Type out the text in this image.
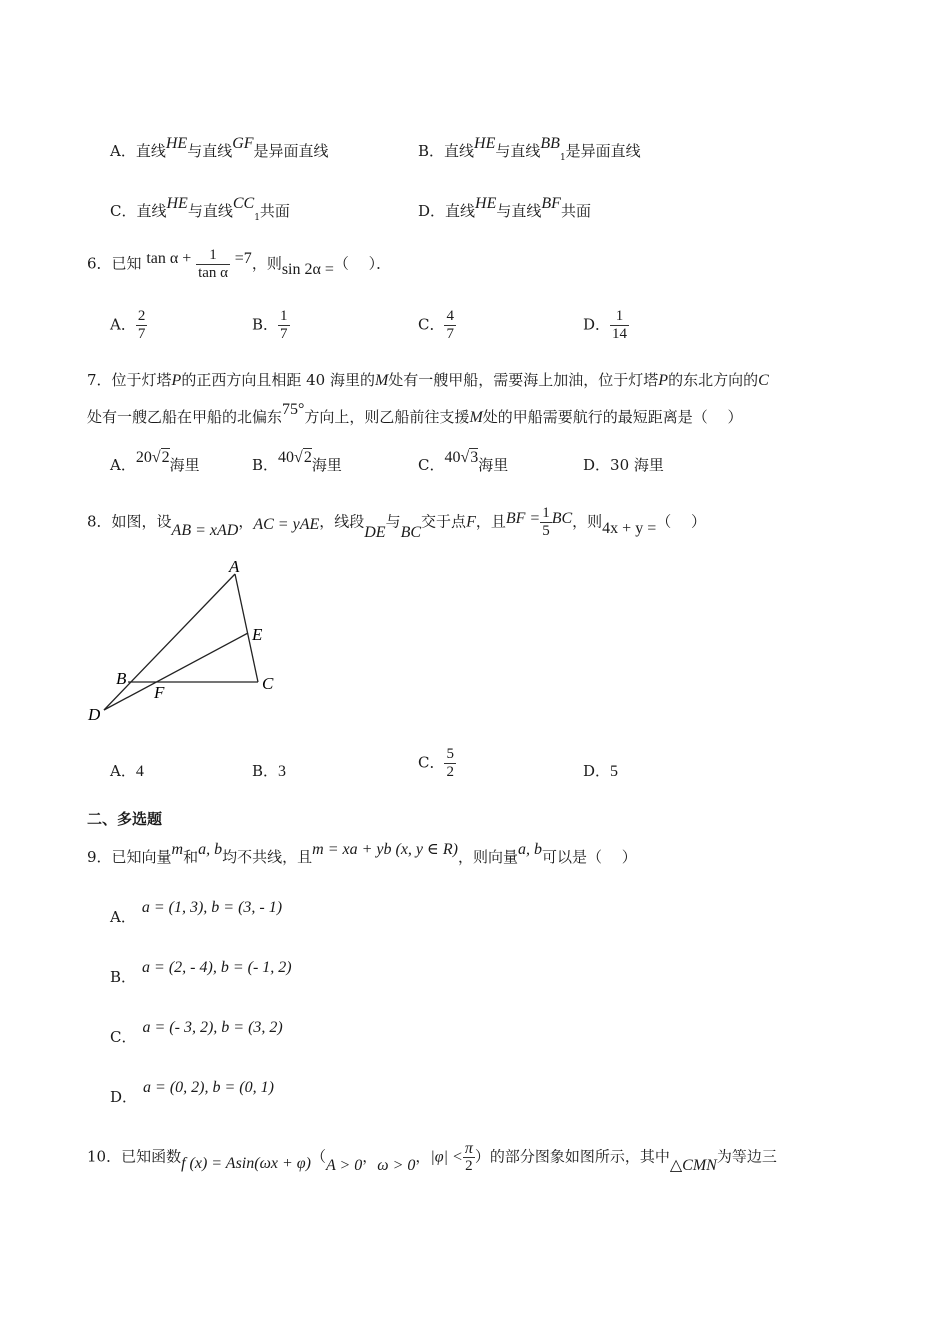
A．直线HE与直线GF是异面直线	B．直线HE与直线$BB_1$是异面直线
C．直线HE与直线$CC_1$共面	D．直线HE与直线BF共面
6．已知 $\tan \alpha + \frac{1}{\text{tan α}} =7$，则sin 2α =（　 ）．
A． $\frac{2}{7}$	B． $\frac{1}{7}$	C． $\frac{4}{7}$	D． $\frac{1}{14}$
7．位于灯塔P的正西方向且相距 40 海里的M处有一艘甲船，需要海上加油，位于灯塔P的东北方向的C
处有一艘乙船在甲船的北偏东75°方向上，则乙船前往支援M处的甲船需要航行的最短距离是（　 ）
A．20√2海里	B．40√2海里	C．40√3海里	D．30 海里
8．如图，设AB = xAD，AC = yAE，线段DE与BC交于点F，且BF = $\frac{1}{5}$ BC，则4x + y =（　 ）
A
E
B
F	C
D
A．4	B．3	C． $\frac{5}{2}$	D．5
二、多选题
9．已知向量m和a, b均不共线，且m = xa + yb (x, y ∈ R)，则向量a, b可以是（　 ）
A．a = (1, 3), b = (3, - 1)
B．a = (2, - 4), b = (- 1, 2)
C．a = (- 3, 2), b = (3, 2)
D．a = (0, 2), b = (0, 1)
10．已知函数f (x) = Asin(ωx + φ)（A > 0，ω > 0，$|\varphi| < \frac{\pi}{2}$ ）的部分图象如图所示，其中△CMN为等边三
